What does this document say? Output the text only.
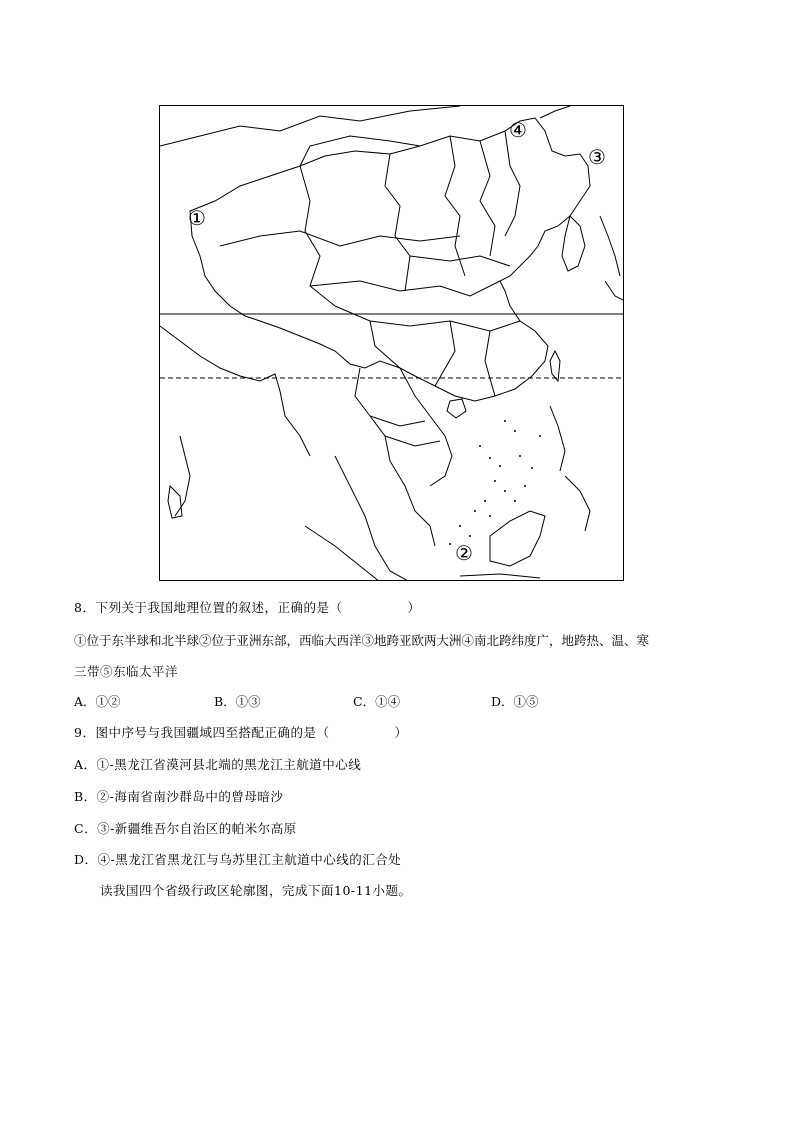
①
②
③
④
8．下列关于我国地理位置的叙述，正确的是（　　　　　）
①位于东半球和北半球②位于亚洲东部，西临大西洋③地跨亚欧两大洲④南北跨纬度广，地跨热、温、寒
三带⑤东临太平洋
A．①②	B．①③	C．①④	D．①⑤
9．图中序号与我国疆域四至搭配正确的是（　　　　　）
A．①-黑龙江省漠河县北端的黑龙江主航道中心线
B．②-海南省南沙群岛中的曾母暗沙
C．③-新疆维吾尔自治区的帕米尔高原
D．④-黑龙江省黑龙江与乌苏里江主航道中心线的汇合处
读我国四个省级行政区轮廓图，完成下面10-11小题。
